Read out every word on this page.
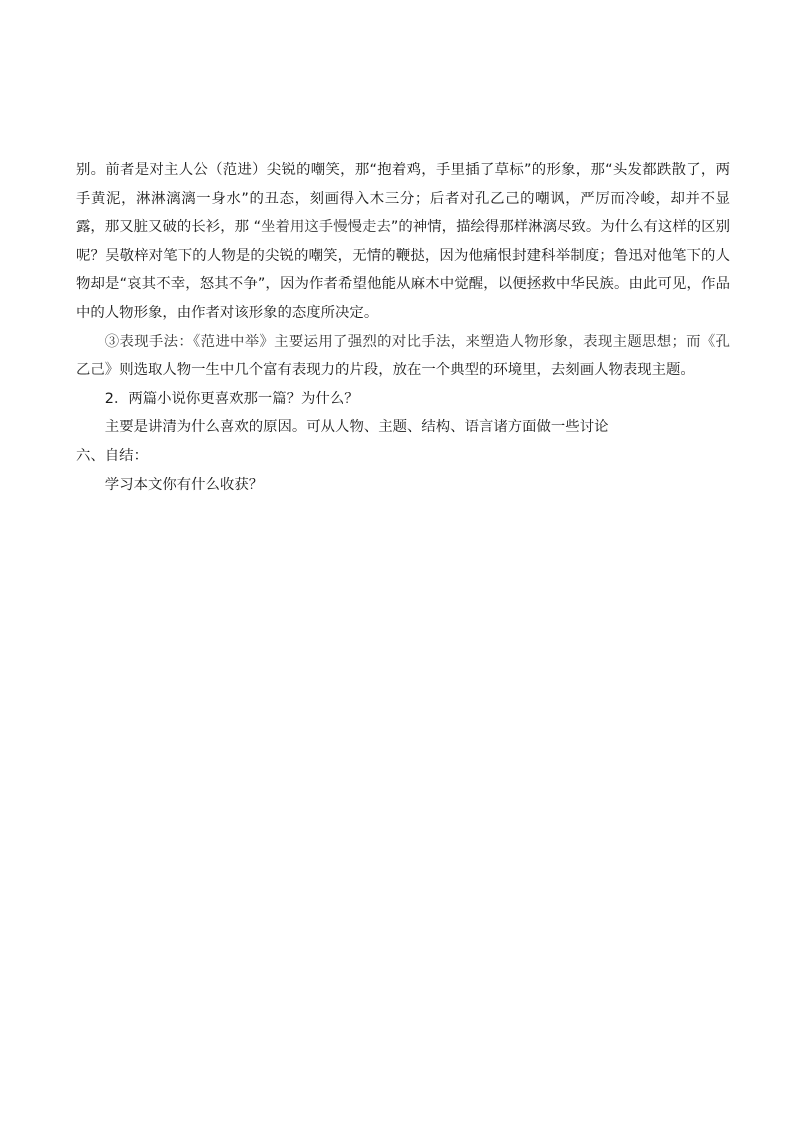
别。前者是对主人公（范进）尖锐的嘲笑，那“抱着鸡，手里插了草标”的形象，那“头发都跌散了，两手黄泥，淋淋漓漓一身水”的丑态，刻画得入木三分；后者对孔乙己的嘲讽，严厉而冷峻，却并不显露，那又脏又破的长衫，那 “坐着用这手慢慢走去”的神情，描绘得那样淋漓尽致。为什么有这样的区别呢？吴敬梓对笔下的人物是的尖锐的嘲笑，无情的鞭挞，因为他痛恨封建科举制度；鲁迅对他笔下的人物却是“哀其不幸，怒其不争”，因为作者希望他能从麻木中觉醒，以便拯救中华民族。由此可见，作品中的人物形象，由作者对该形象的态度所决定。

③表现手法：《范进中举》主要运用了强烈的对比手法，来塑造人物形象，表现主题思想；而《孔乙己》则选取人物一生中几个富有表现力的片段，放在一个典型的环境里，去刻画人物表现主题。

2．两篇小说你更喜欢那一篇？为什么？

主要是讲清为什么喜欢的原因。可从人物、主题、结构、语言诸方面做一些讨论

六、自结：

学习本文你有什么收获？
